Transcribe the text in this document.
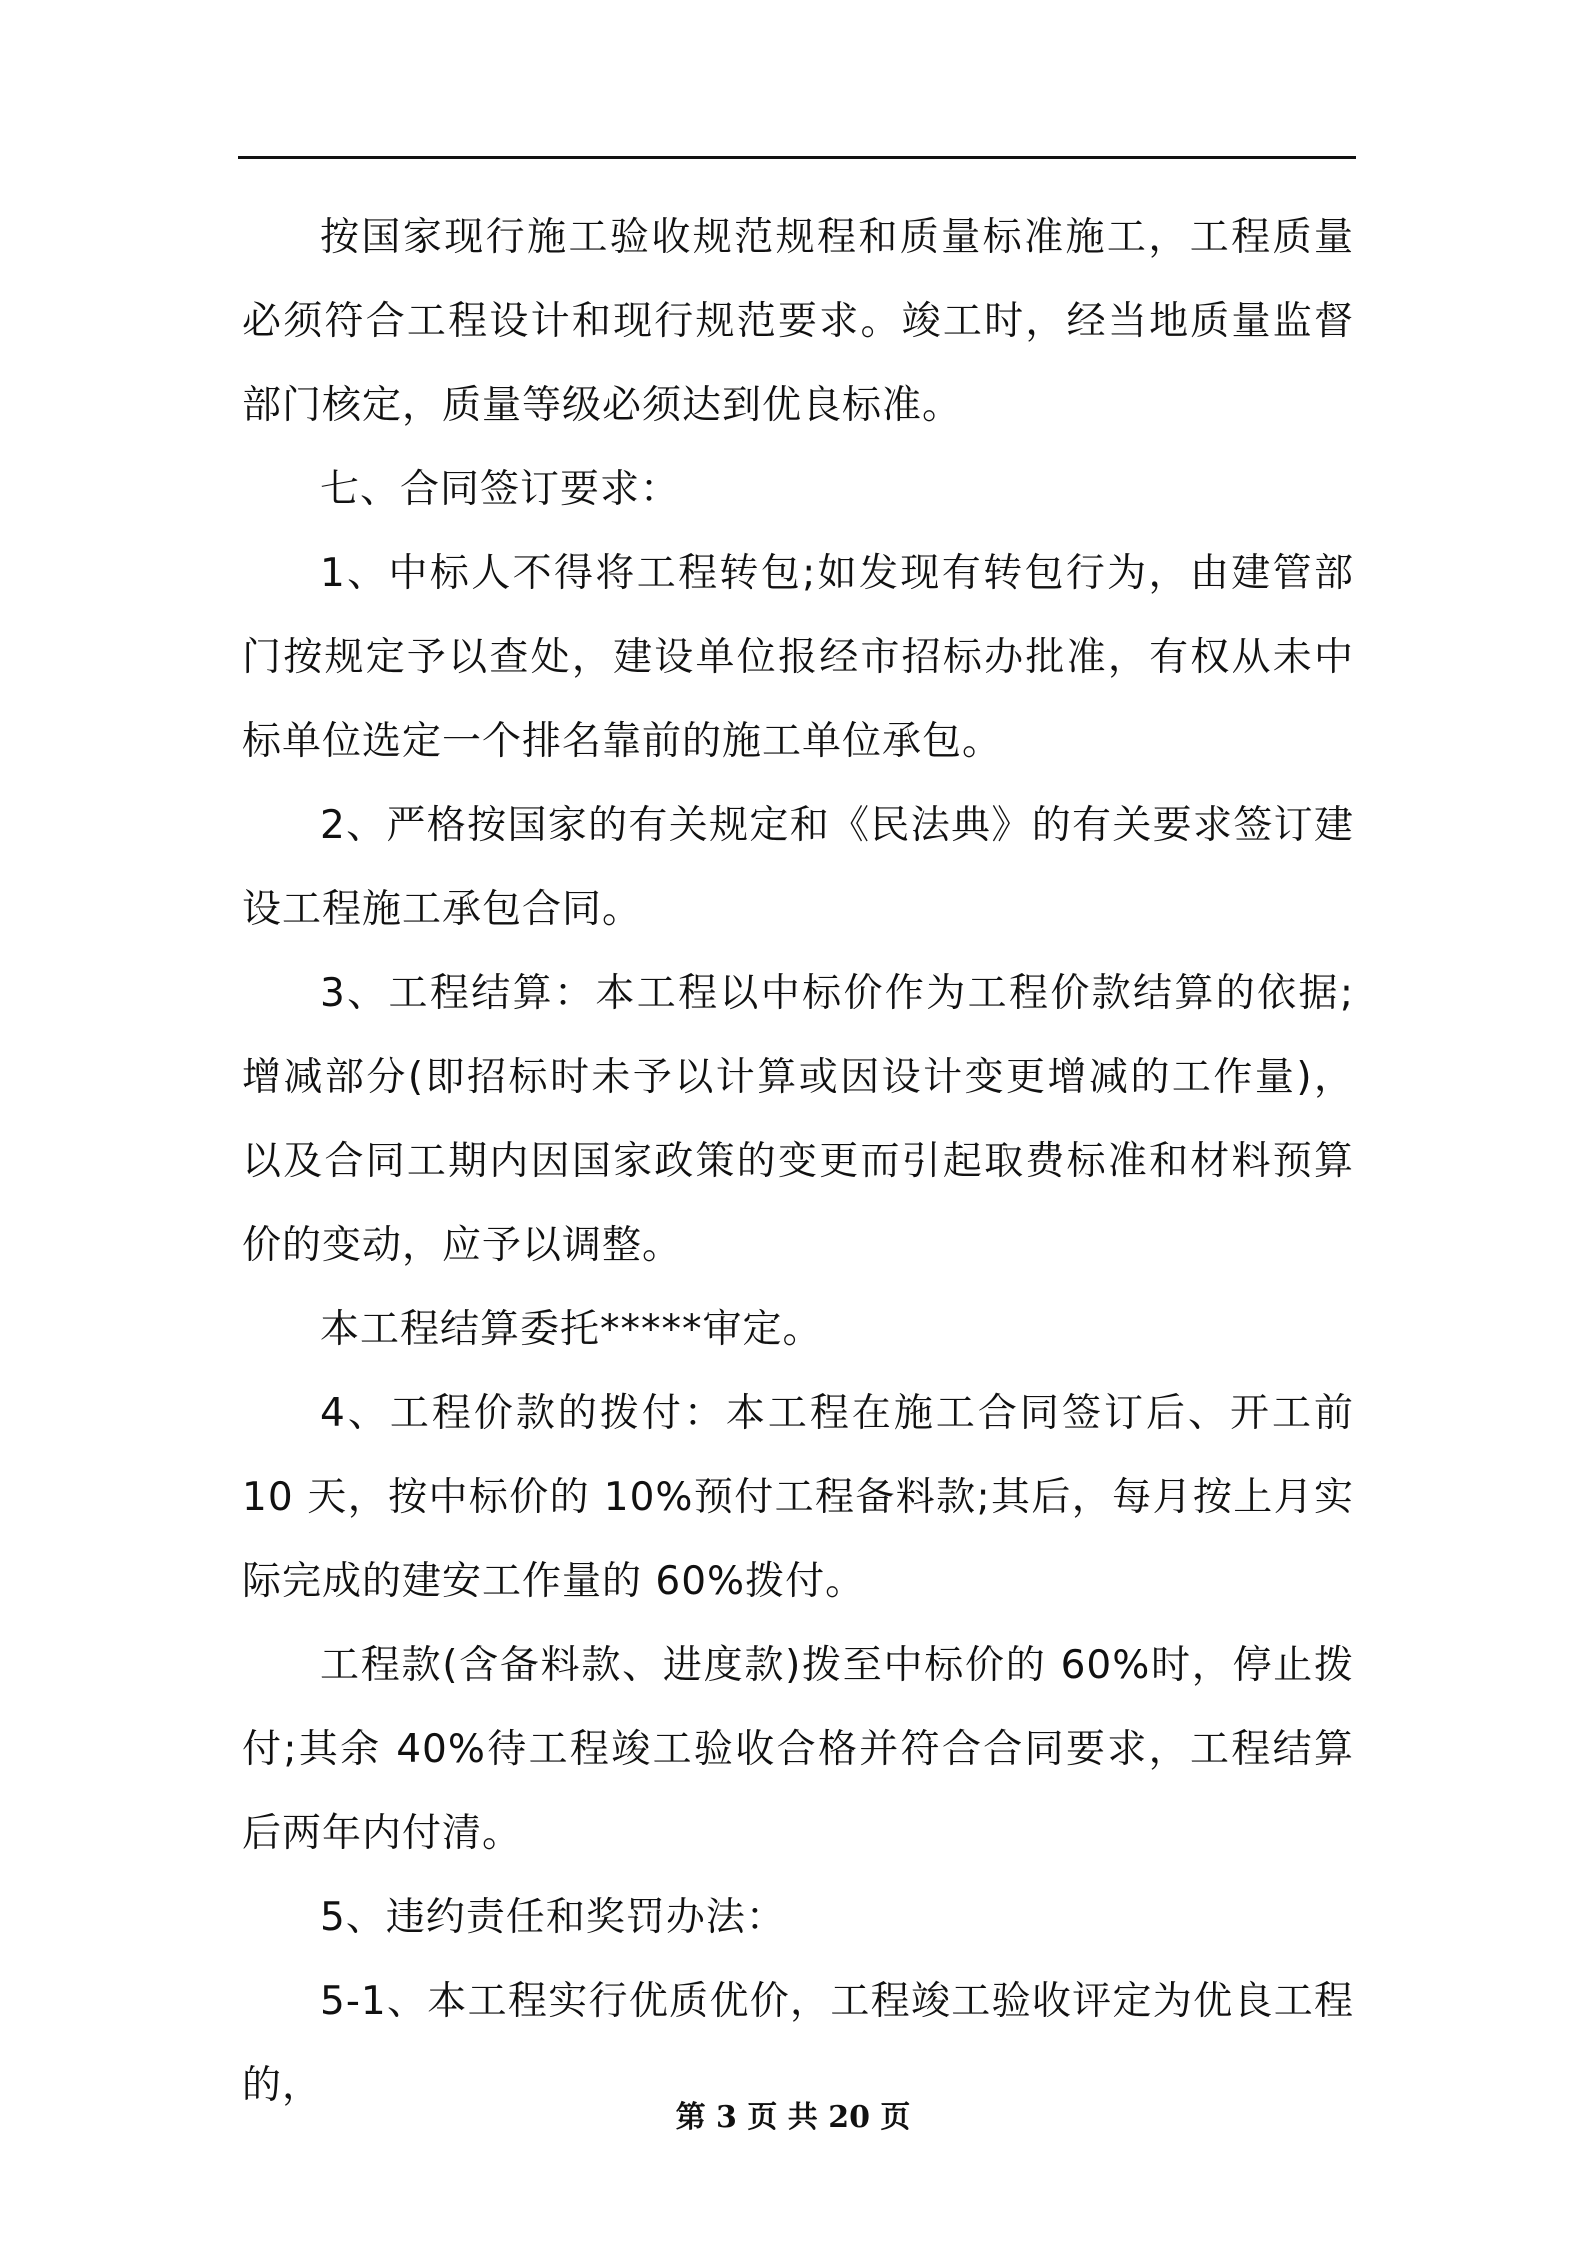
按国家现行施工验收规范规程和质量标准施工，工程质量必须符合工程设计和现行规范要求。竣工时，经当地质量监督部门核定，质量等级必须达到优良标准。

七、合同签订要求：

1、中标人不得将工程转包;如发现有转包行为，由建管部门按规定予以查处，建设单位报经市招标办批准，有权从未中标单位选定一个排名靠前的施工单位承包。

2、严格按国家的有关规定和《民法典》的有关要求签订建设工程施工承包合同。

3、工程结算：本工程以中标价作为工程价款结算的依据;增减部分(即招标时未予以计算或因设计变更增减的工作量)，以及合同工期内因国家政策的变更而引起取费标准和材料预算价的变动，应予以调整。

本工程结算委托*****审定。

4、工程价款的拨付：本工程在施工合同签订后、开工前 10 天，按中标价的 10%预付工程备料款;其后，每月按上月实际完成的建安工作量的 60%拨付。

工程款(含备料款、进度款)拨至中标价的 60%时，停止拨付;其余 40%待工程竣工验收合格并符合合同要求，工程结算后两年内付清。

5、违约责任和奖罚办法：

5-1、本工程实行优质优价，工程竣工验收评定为优良工程的，

第 3 页 共 20 页
